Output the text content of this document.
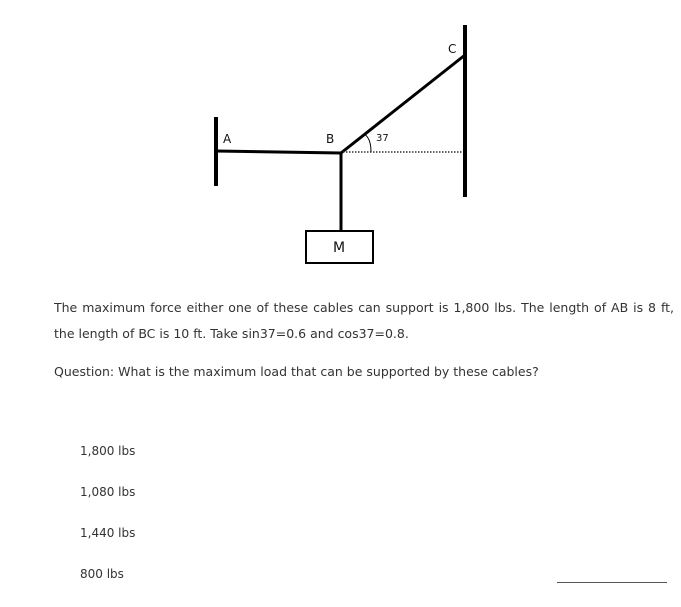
A	B
C
37
M
The maximum force either one of these cables can support is 1,800 lbs. The length of AB is 8 ft, the length of BC is 10 ft. Take sin37=0.6 and cos37=0.8.
Question: What is the maximum load that can be supported by these cables?
1,800 lbs
1,080 lbs
1,440 lbs
800 lbs
